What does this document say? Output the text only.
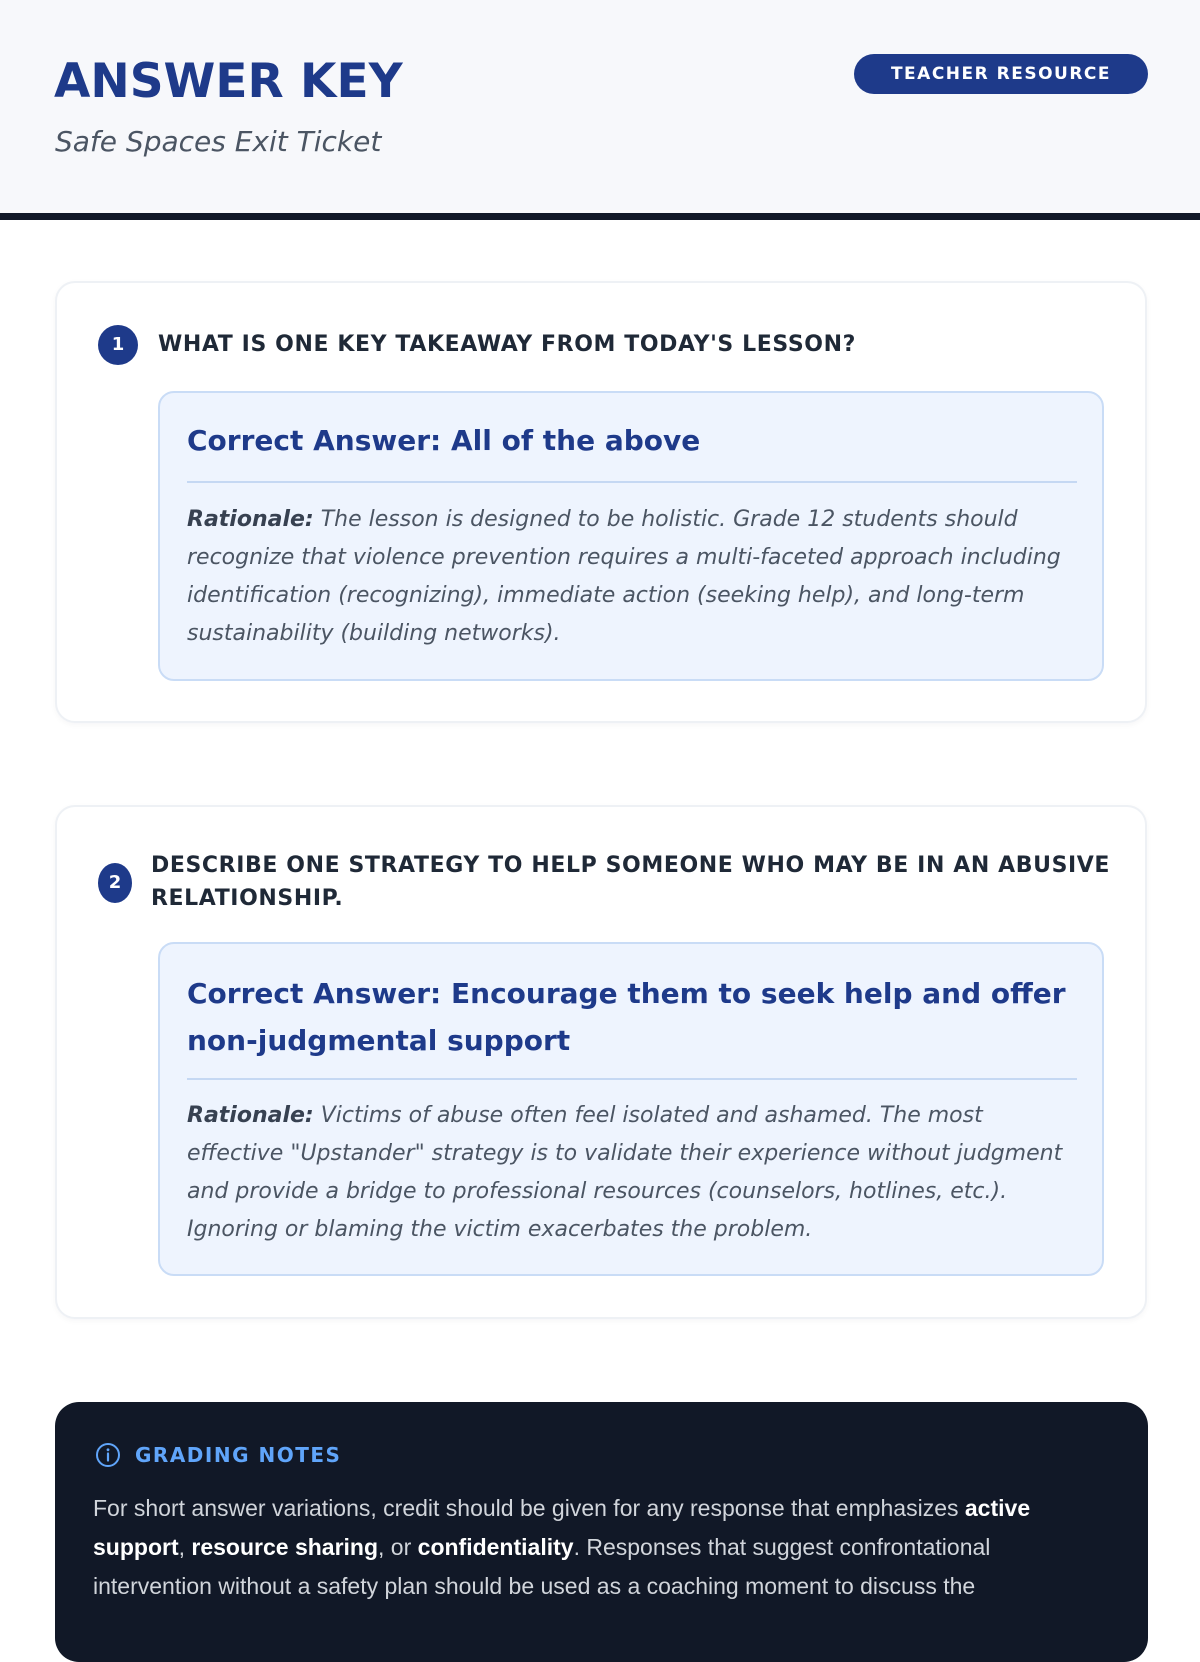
ANSWER KEY
Safe Spaces Exit Ticket
TEACHER RESOURCE
1	WHAT IS ONE KEY TAKEAWAY FROM TODAY'S LESSON?
Correct Answer: All of the above

Rationale: The lesson is designed to be holistic. Grade 12 students should recognize that violence prevention requires a multi-faceted approach including identification (recognizing), immediate action (seeking help), and long-term sustainability (building networks).

2
DESCRIBE ONE STRATEGY TO HELP SOMEONE WHO MAY BE IN AN ABUSIVE RELATIONSHIP.
Correct Answer: Encourage them to seek help and offer non-judgmental support

Rationale: Victims of abuse often feel isolated and ashamed. The most effective "Upstander" strategy is to validate their experience without judgment and provide a bridge to professional resources (counselors, hotlines, etc.). Ignoring or blaming the victim exacerbates the problem.

GRADING NOTES

For short answer variations, credit should be given for any response that emphasizes active support, resource sharing, or confidentiality. Responses that suggest confrontational intervention without a safety plan should be used as a coaching moment to discuss the
